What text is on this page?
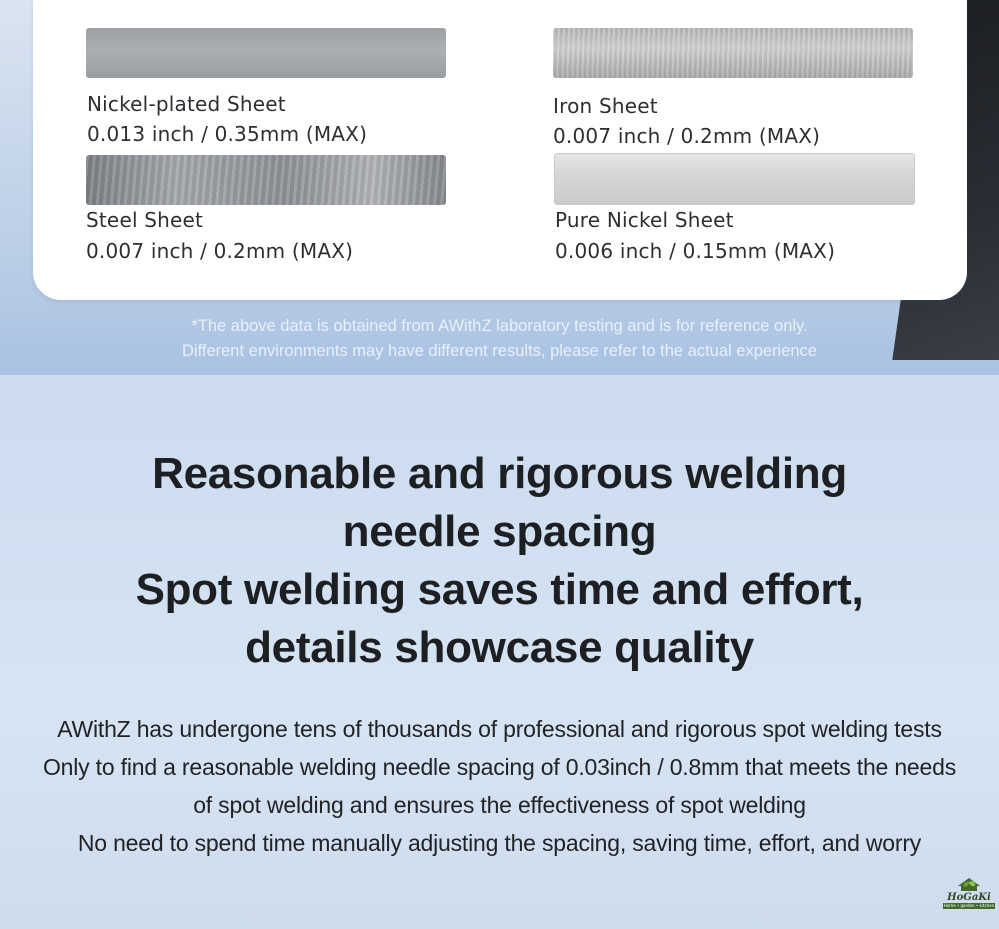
Nickel-plated Sheet
0.013 inch / 0.35mm (MAX)
Iron Sheet
0.007 inch / 0.2mm (MAX)
Steel Sheet
0.007 inch / 0.2mm (MAX)
Pure Nickel Sheet
0.006 inch / 0.15mm (MAX)
*The above data is obtained from AWithZ laboratory testing and is for reference only.
Different environments may have different results, please refer to the actual experience
Reasonable and rigorous welding
needle spacing
Spot welding saves time and effort,
details showcase quality
AWithZ has undergone tens of thousands of professional and rigorous spot welding tests
Only to find a reasonable welding needle spacing of 0.03inch / 0.8mm that meets the needs
of spot welding and ensures the effectiveness of spot welding
No need to spend time manually adjusting the spacing, saving time, effort, and worry
HoGaKi
Home • garden • kitchen
